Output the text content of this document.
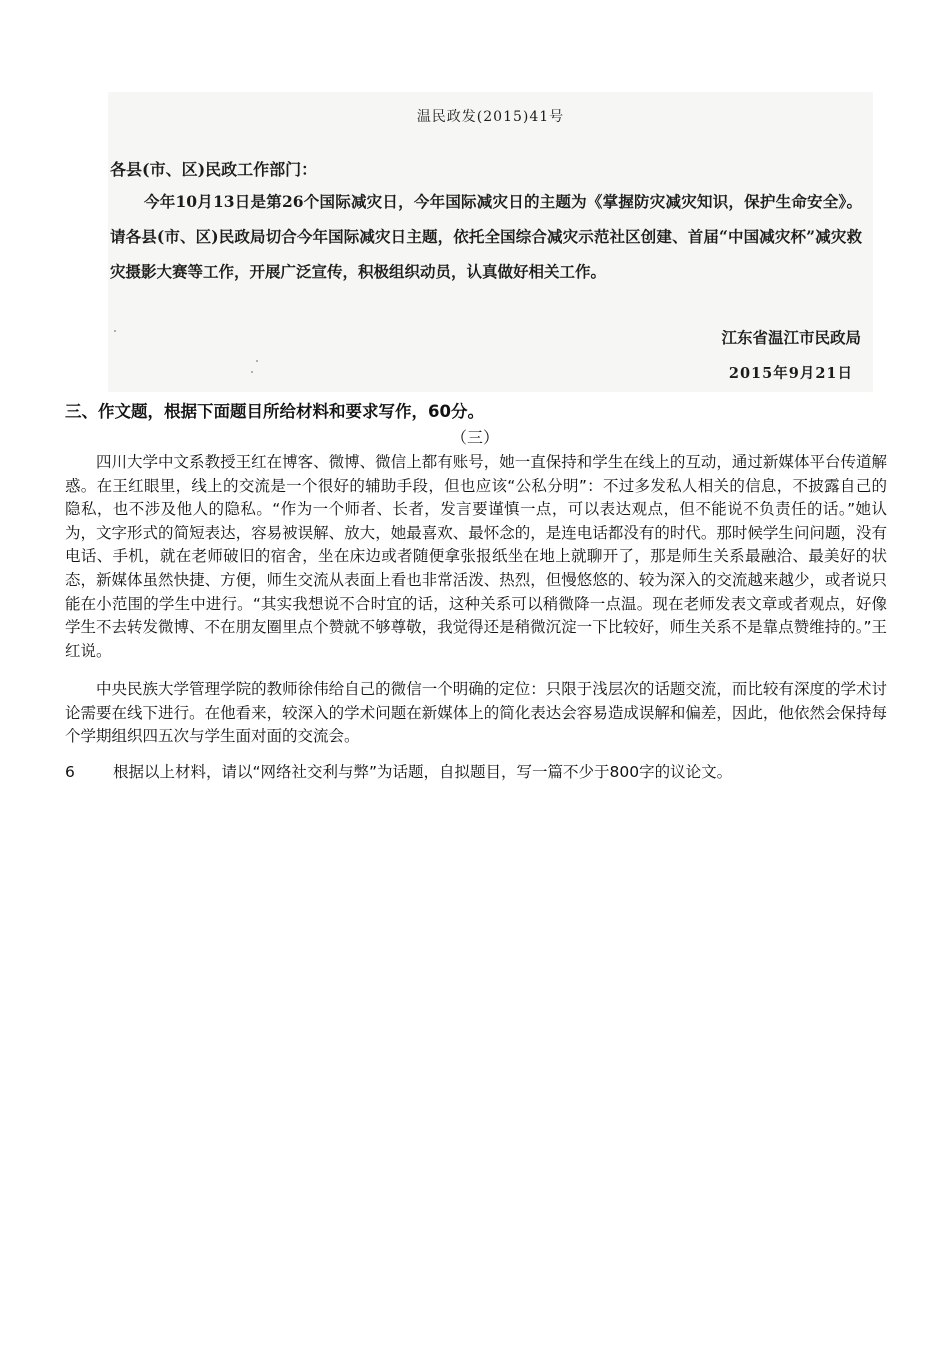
温民政发(2015)41号
各县(市、区)民政工作部门：
今年10月13日是第26个国际减灾日，今年国际减灾日的主题为《掌握防灾减灾知识，保护生命安全》。请各县(市、区)民政局切合今年国际减灾日主题，依托全国综合减灾示范社区创建、首届“中国减灾杯”减灾救灾摄影大赛等工作，开展广泛宣传，积极组织动员，认真做好相关工作。
江东省温江市民政局
2015年9月21日
三、作文题，根据下面题目所给材料和要求写作，60分。
（三）

四川大学中文系教授王红在博客、微博、微信上都有账号，她一直保持和学生在线上的互动，通过新媒体平台传道解惑。在王红眼里，线上的交流是一个很好的辅助手段，但也应该“公私分明”：不过多发私人相关的信息，不披露自己的隐私，也不涉及他人的隐私。“作为一个师者、长者，发言要谨慎一点，可以表达观点，但不能说不负责任的话。”她认为，文字形式的简短表达，容易被误解、放大，她最喜欢、最怀念的，是连电话都没有的时代。那时候学生问问题，没有电话、手机，就在老师破旧的宿舍，坐在床边或者随便拿张报纸坐在地上就聊开了，那是师生关系最融洽、最美好的状态，新媒体虽然快捷、方便，师生交流从表面上看也非常活泼、热烈，但慢悠悠的、较为深入的交流越来越少，或者说只能在小范围的学生中进行。“其实我想说不合时宜的话，这种关系可以稍微降一点温。现在老师发表文章或者观点，好像学生不去转发微博、不在朋友圈里点个赞就不够尊敬，我觉得还是稍微沉淀一下比较好，师生关系不是靠点赞维持的。”王红说。

中央民族大学管理学院的教师徐伟给自己的微信一个明确的定位：只限于浅层次的话题交流，而比较有深度的学术讨论需要在线下进行。在他看来，较深入的学术问题在新媒体上的简化表达会容易造成误解和偏差，因此，他依然会保持每个学期组织四五次与学生面对面的交流会。

6 根据以上材料，请以“网络社交利与弊”为话题，自拟题目，写一篇不少于800字的议论文。
